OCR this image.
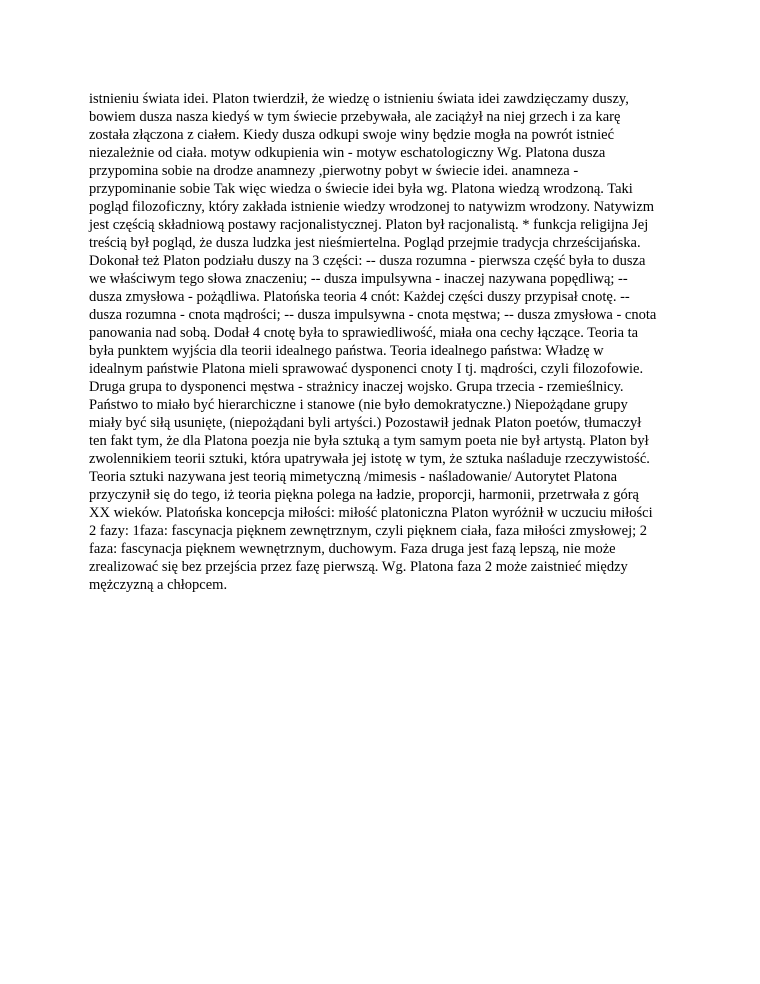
istnieniu świata idei. Platon twierdził, że wiedzę o istnieniu świata idei zawdzięczamy duszy,
bowiem dusza nasza kiedyś w tym świecie przebywała, ale zaciążył na niej grzech i za karę
została złączona z ciałem. Kiedy dusza odkupi swoje winy będzie mogła na powrót istnieć
niezależnie od ciała. motyw odkupienia win - motyw eschatologiczny Wg. Platona dusza
przypomina sobie na drodze anamnezy ,pierwotny pobyt w świecie idei. anamneza -
przypominanie sobie Tak więc wiedza o świecie idei była wg. Platona wiedzą wrodzoną. Taki
pogląd filozoficzny, który zakłada istnienie wiedzy wrodzonej to natywizm wrodzony. Natywizm
jest częścią składniową postawy racjonalistycznej. Platon był racjonalistą. * funkcja religijna Jej
treścią był pogląd, że dusza ludzka jest nieśmiertelna. Pogląd przejmie tradycja chrześcijańska.
Dokonał też Platon podziału duszy na 3 części: -- dusza rozumna - pierwsza część była to dusza
we właściwym tego słowa znaczeniu; -- dusza impulsywna - inaczej nazywana popędliwą; --
dusza zmysłowa - pożądliwa. Platońska teoria 4 cnót: Każdej części duszy przypisał cnotę. --
dusza rozumna - cnota mądrości; -- dusza impulsywna - cnota męstwa; -- dusza zmysłowa - cnota
panowania nad sobą. Dodał 4 cnotę była to sprawiedliwość, miała ona cechy łączące. Teoria ta
była punktem wyjścia dla teorii idealnego państwa. Teoria idealnego państwa: Władzę w
idealnym państwie Platona mieli sprawować dysponenci cnoty I tj. mądrości, czyli filozofowie.
Druga grupa to dysponenci męstwa - strażnicy inaczej wojsko. Grupa trzecia - rzemieślnicy.
Państwo to miało być hierarchiczne i stanowe (nie było demokratyczne.) Niepożądane grupy
miały być siłą usunięte, (niepożądani byli artyści.) Pozostawił jednak Platon poetów, tłumaczył
ten fakt tym, że dla Platona poezja nie była sztuką a tym samym poeta nie był artystą. Platon był
zwolennikiem teorii sztuki, która upatrywała jej istotę w tym, że sztuka naśladuje rzeczywistość.
Teoria sztuki nazywana jest teorią mimetyczną /mimesis - naśladowanie/ Autorytet Platona
przyczynił się do tego, iż teoria piękna polega na ładzie, proporcji, harmonii, przetrwała z górą
XX wieków. Platońska koncepcja miłości: miłość platoniczna Platon wyróżnił w uczuciu miłości
2 fazy: 1faza: fascynacja pięknem zewnętrznym, czyli pięknem ciała, faza miłości zmysłowej; 2
faza: fascynacja pięknem wewnętrznym, duchowym. Faza druga jest fazą lepszą, nie może
zrealizować się bez przejścia przez fazę pierwszą. Wg. Platona faza 2 może zaistnieć między
mężczyzną a chłopcem.
